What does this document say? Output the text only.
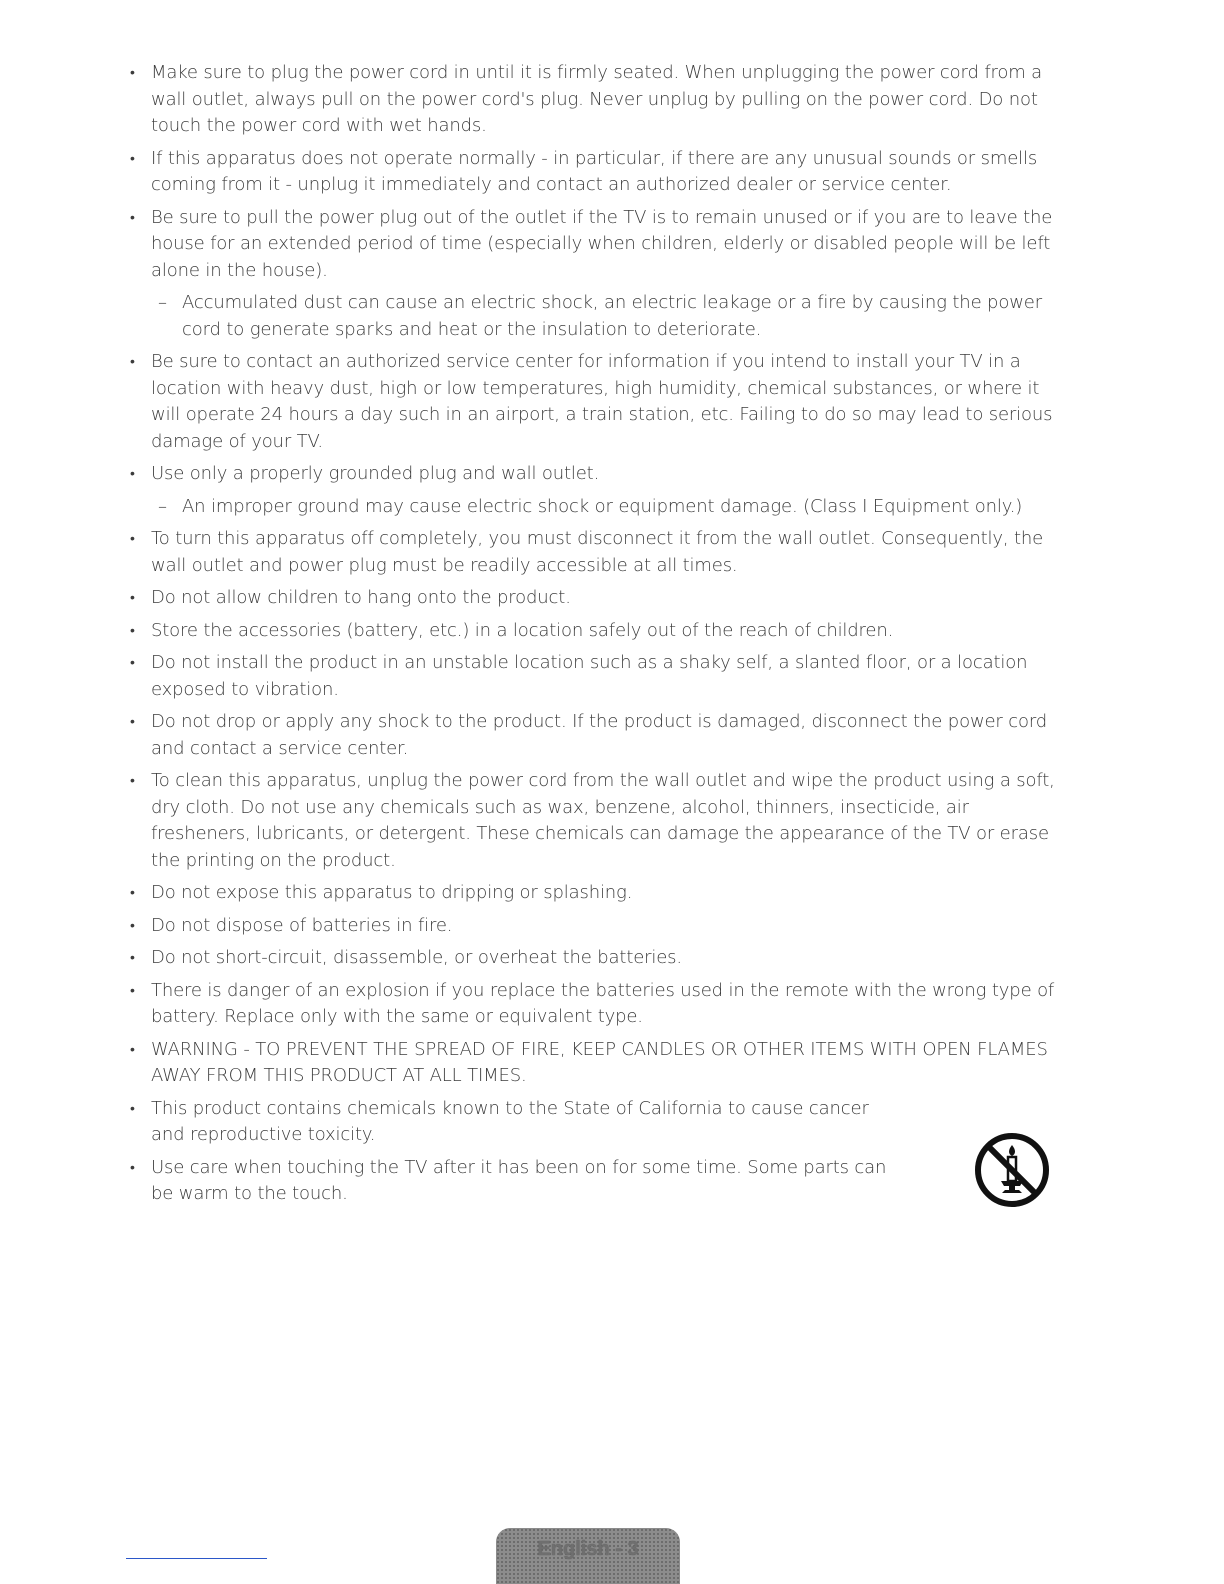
• Make sure to plug the power cord in until it is firmly seated. When unplugging the power cord from a wall outlet, always pull on the power cord's plug. Never unplug by pulling on the power cord. Do not touch the power cord with wet hands.
• If this apparatus does not operate normally - in particular, if there are any unusual sounds or smells coming from it - unplug it immediately and contact an authorized dealer or service center.
• Be sure to pull the power plug out of the outlet if the TV is to remain unused or if you are to leave the house for an extended period of time (especially when children, elderly or disabled people will be left alone in the house).
– Accumulated dust can cause an electric shock, an electric leakage or a fire by causing the power cord to generate sparks and heat or the insulation to deteriorate.
• Be sure to contact an authorized service center for information if you intend to install your TV in a location with heavy dust, high or low temperatures, high humidity, chemical substances, or where it will operate 24 hours a day such in an airport, a train station, etc. Failing to do so may lead to serious damage of your TV.
• Use only a properly grounded plug and wall outlet.
– An improper ground may cause electric shock or equipment damage. (Class I Equipment only.)
• To turn this apparatus off completely, you must disconnect it from the wall outlet. Consequently, the wall outlet and power plug must be readily accessible at all times.
• Do not allow children to hang onto the product.
• Store the accessories (battery, etc.) in a location safely out of the reach of children.
• Do not install the product in an unstable location such as a shaky self, a slanted floor, or a location exposed to vibration.
• Do not drop or apply any shock to the product. If the product is damaged, disconnect the power cord and contact a service center.
• To clean this apparatus, unplug the power cord from the wall outlet and wipe the product using a soft, dry cloth. Do not use any chemicals such as wax, benzene, alcohol, thinners, insecticide, air fresheners, lubricants, or detergent. These chemicals can damage the appearance of the TV or erase the printing on the product.
• Do not expose this apparatus to dripping or splashing.
• Do not dispose of batteries in fire.
• Do not short-circuit, disassemble, or overheat the batteries.
• There is danger of an explosion if you replace the batteries used in the remote with the wrong type of battery. Replace only with the same or equivalent type.
• WARNING - TO PREVENT THE SPREAD OF FIRE, KEEP CANDLES OR OTHER ITEMS WITH OPEN FLAMES AWAY FROM THIS PRODUCT AT ALL TIMES.
• This product contains chemicals known to the State of California to cause cancer and reproductive toxicity.
• Use care when touching the TV after it has been on for some time. Some parts can be warm to the touch.
English - 3
